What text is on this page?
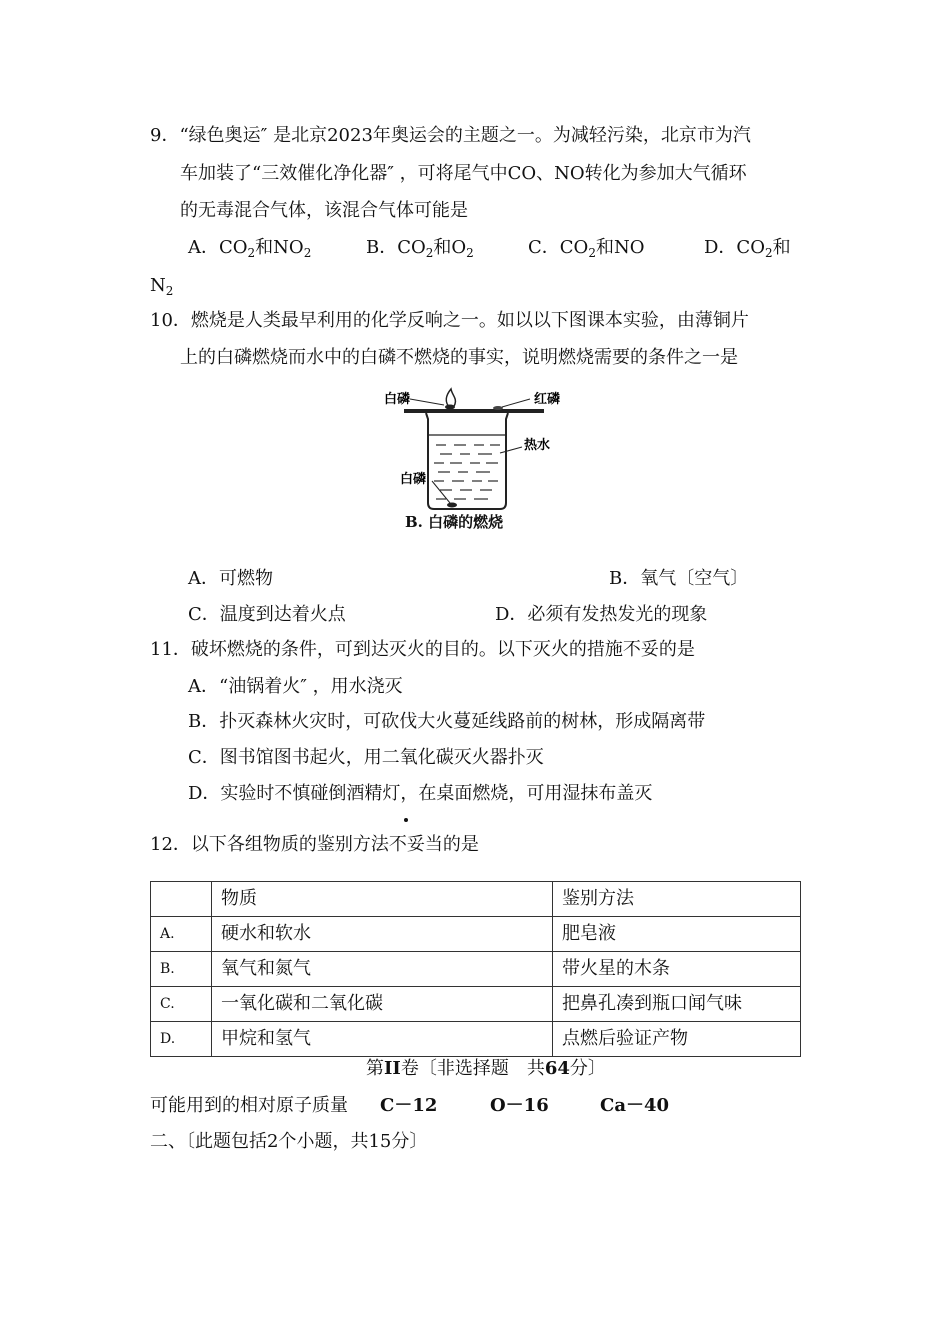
9．“绿色奥运″ 是北京2023年奥运会的主题之一。为减轻污染，北京市为汽
车加装了“三效催化净化器″ ，可将尾气中CO、NO转化为参加大气循环
的无毒混合气体，该混合气体可能是
A．$CO_2$和$NO_2$	B．$CO_2$和$O_2$	C．$CO_2$和NO	D．$CO_2$和
$N_2$
10．燃烧是人类最早利用的化学反响之一。如以以下图课本实验，由薄铜片
上的白磷燃烧而水中的白磷不燃烧的事实，说明燃烧需要的条件之一是
白磷	红磷
热水
白磷
B. 白磷的燃烧
A．可燃物	B．氧气〔空气〕
C．温度到达着火点	D．必须有发热发光的现象
11．破坏燃烧的条件，可到达灭火的目的。以下灭火的措施不妥的是
A．“油锅着火″ ，用水浇灭
B．扑灭森林火灾时，可砍伐大火蔓延线路前的树林，形成隔离带
C．图书馆图书起火，用二氧化碳灭火器扑灭
D．实验时不慎碰倒酒精灯，在桌面燃烧，可用湿抹布盖灭
12．以下各组物质的鉴别方法不妥当的是
	物质	鉴别方法
A.	硬水和软水	肥皂液
B.	氧气和氮气	带火星的木条
C.	一氧化碳和二氧化碳	把鼻孔凑到瓶口闻气味
D.	甲烷和氢气	点燃后验证产物
第II卷〔非选择题　共64分〕
可能用到的相对原子质量 C－12	O－16	Ca－40
二、〔此题包括2个小题，共15分〕
